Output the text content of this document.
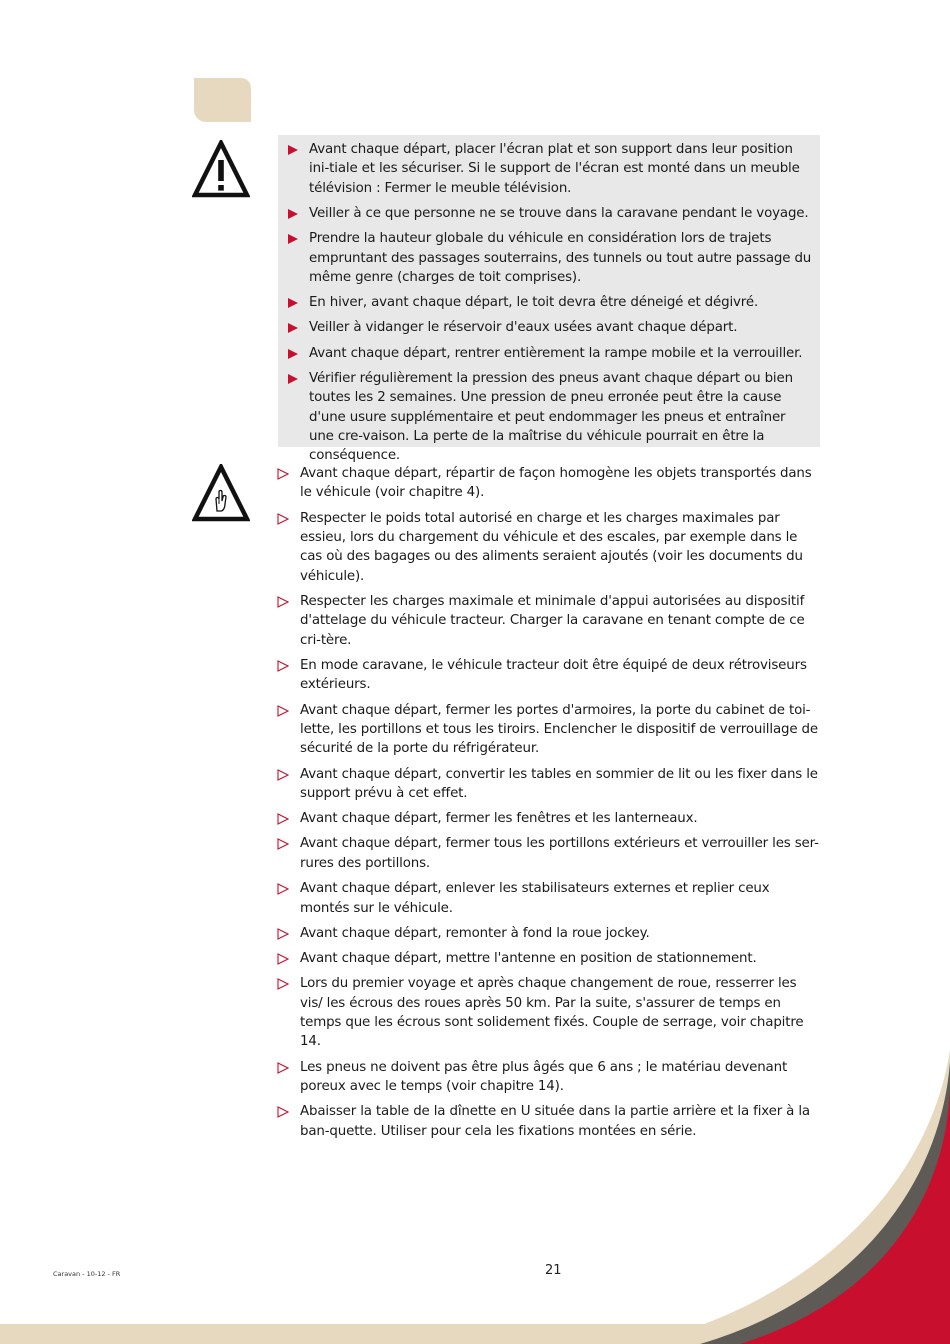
Avant chaque départ, placer l'écran plat et son support dans leur position ini-tiale et les sécuriser. Si le support de l'écran est monté dans un meuble télévision : Fermer le meuble télévision.
Veiller à ce que personne ne se trouve dans la caravane pendant le voyage.
Prendre la hauteur globale du véhicule en considération lors de trajets empruntant des passages souterrains, des tunnels ou tout autre passage du même genre (charges de toit comprises).
En hiver, avant chaque départ, le toit devra être déneigé et dégivré.
Veiller à vidanger le réservoir d'eaux usées avant chaque départ.
Avant chaque départ, rentrer entièrement la rampe mobile et la verrouiller.
Vérifier régulièrement la pression des pneus avant chaque départ ou bien toutes les 2 semaines. Une pression de pneu erronée peut être la cause d'une usure supplémentaire et peut endommager les pneus et entraîner une cre-vaison. La perte de la maîtrise du véhicule pourrait en être la conséquence.
Avant chaque départ, répartir de façon homogène les objets transportés dans le véhicule (voir chapitre 4).
Respecter le poids total autorisé en charge et les charges maximales par essieu, lors du chargement du véhicule et des escales, par exemple dans le cas où des bagages ou des aliments seraient ajoutés (voir les documents du véhicule).
Respecter les charges maximale et minimale d'appui autorisées au dispositif d'attelage du véhicule tracteur. Charger la caravane en tenant compte de ce cri-tère.
En mode caravane, le véhicule tracteur doit être équipé de deux rétroviseurs extérieurs.
Avant chaque départ, fermer les portes d'armoires, la porte du cabinet de toi-lette, les portillons et tous les tiroirs. Enclencher le dispositif de verrouillage de sécurité de la porte du réfrigérateur.
Avant chaque départ, convertir les tables en sommier de lit ou les fixer dans le support prévu à cet effet.
Avant chaque départ, fermer les fenêtres et les lanterneaux.
Avant chaque départ, fermer tous les portillons extérieurs et verrouiller les ser-rures des portillons.
Avant chaque départ, enlever les stabilisateurs externes et replier ceux montés sur le véhicule.
Avant chaque départ, remonter à fond la roue jockey.
Avant chaque départ, mettre l'antenne en position de stationnement.
Lors du premier voyage et après chaque changement de roue, resserrer les vis/ les écrous des roues après 50 km. Par la suite, s'assurer de temps en temps que les écrous sont solidement fixés. Couple de serrage, voir chapitre 14.
Les pneus ne doivent pas être plus âgés que 6 ans ; le matériau devenant poreux avec le temps (voir chapitre 14).
Abaisser la table de la dînette en U située dans la partie arrière et la fixer à la ban-quette. Utiliser pour cela les fixations montées en série.
Caravan - 10-12 - FR	21
